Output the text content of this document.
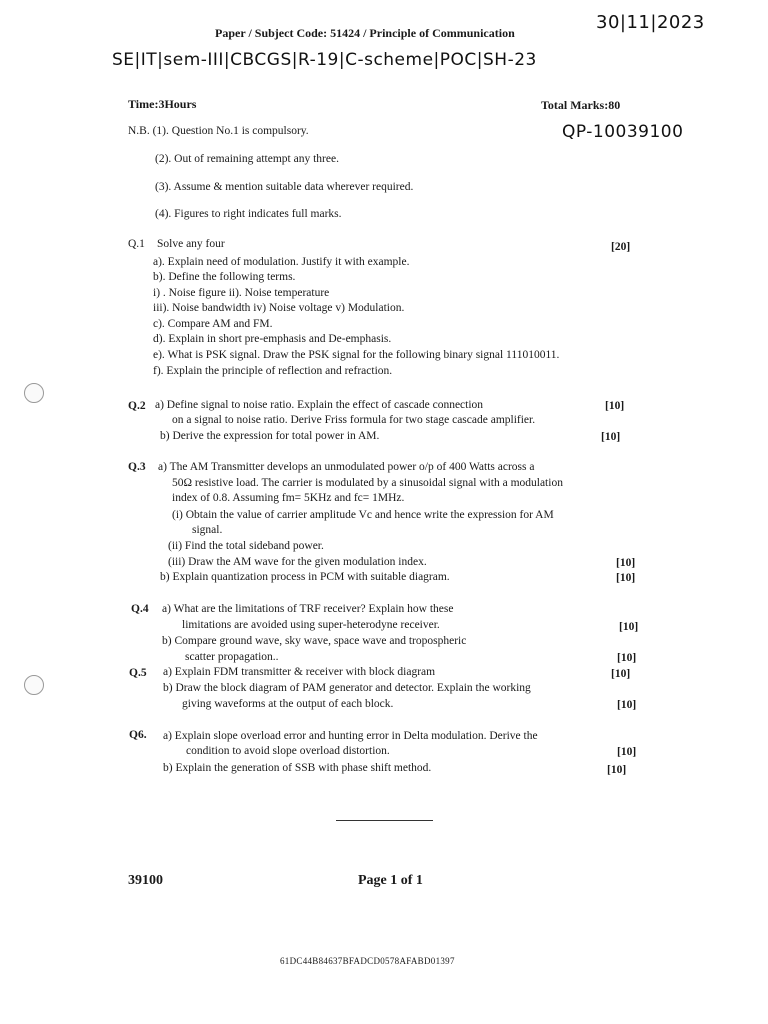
Paper / Subject Code: 51424 / Principle of Communication	30|11|2023
SE|IT|sem-III|CBCGS|R-19|C-scheme|POC|SH-23
Time:3Hours	Total Marks:80
QP-10039100
N.B. (1). Question No.1 is compulsory.
(2). Out of remaining attempt any three.
(3). Assume & mention suitable data wherever required.
(4). Figures to right indicates full marks.
Q.1 Solve any four	[20]
a). Explain need of modulation. Justify it with example.
b). Define the following terms.
i) . Noise figure ii). Noise temperature
iii). Noise bandwidth iv) Noise voltage v) Modulation.
c). Compare AM and FM.
d). Explain in short pre-emphasis and De-emphasis.
e). What is PSK signal. Draw the PSK signal for the following binary signal 111010011.
f). Explain the principle of reflection and refraction.
Q.2 a) Define signal to noise ratio. Explain the effect of cascade connection	[10]
on a signal to noise ratio. Derive Friss formula for two stage cascade amplifier.
b) Derive the expression for total power in AM.	[10]
Q.3 a) The AM Transmitter develops an unmodulated power o/p of 400 Watts across a
50Ω resistive load. The carrier is modulated by a sinusoidal signal with a modulation
index of 0.8. Assuming fm= 5KHz and fc= 1MHz.
(i) Obtain the value of carrier amplitude Vc and hence write the expression for AM
signal.
(ii) Find the total sideband power.
(iii) Draw the AM wave for the given modulation index.	[10]
b) Explain quantization process in PCM with suitable diagram.	[10]
Q.4 a) What are the limitations of TRF receiver? Explain how these
limitations are avoided using super-heterodyne receiver.	[10]
b) Compare ground wave, sky wave, space wave and tropospheric
scatter propagation..	[10]
Q.5 a) Explain FDM transmitter & receiver with block diagram	[10]
b) Draw the block diagram of PAM generator and detector. Explain the working
giving waveforms at the output of each block.	[10]
Q6. a) Explain slope overload error and hunting error in Delta modulation. Derive the
condition to avoid slope overload distortion.	[10]
b) Explain the generation of SSB with phase shift method.	[10]
39100	Page 1 of 1
61DC44B84637BFADCD0578AFABD01397
